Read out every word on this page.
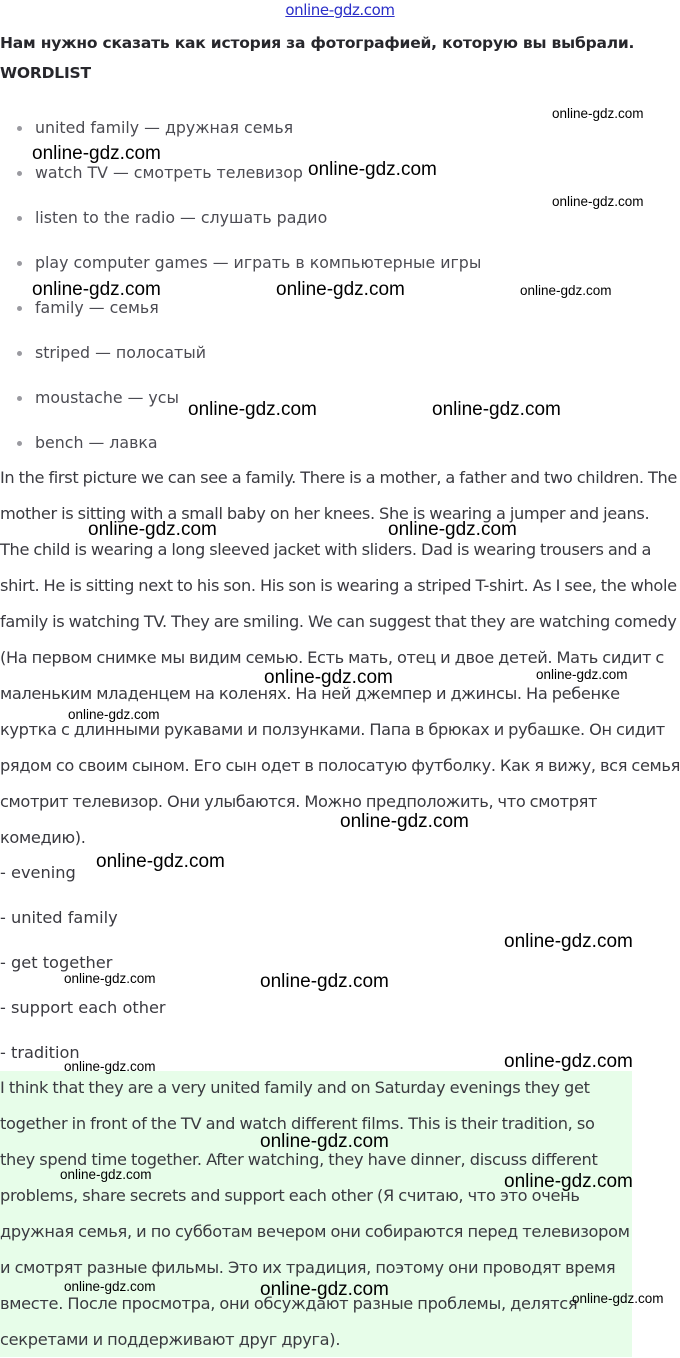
online-gdz.com
Нам нужно сказать как история за фотографией, которую вы выбрали.
WORDLIST
united family — дружная семья
watch TV — смотреть телевизор
listen to the radio — слушать радио
play computer games — играть в компьютерные игры
family — семья
striped — полосатый
moustache — усы
bench — лавка

In the first picture we can see a family. There is a mother, a father and two children. The mother is sitting with a small baby on her knees. She is wearing a jumper and jeans. The child is wearing a long sleeved jacket with sliders. Dad is wearing trousers and a shirt. He is sitting next to his son. His son is wearing a striped T-shirt. As I see, the whole family is watching TV. They are smiling. We can suggest that they are watching comedy (На первом снимке мы видим семью. Есть мать, отец и двое детей. Мать сидит с маленьким младенцем на коленях. На ней джемпер и джинсы. На ребенке куртка с длинными рукавами и ползунками. Папа в брюках и рубашке. Он сидит рядом со своим сыном. Его сын одет в полосатую футболку. Как я вижу, вся семья смотрит телевизор. Они улыбаются. Можно предположить, что смотрят комедию).

- evening
- united family
- get together
- support each other
- tradition

I think that they are a very united family and on Saturday evenings they get together in front of the TV and watch different films. This is their tradition, so they spend time together. After watching, they have dinner, discuss different problems, share secrets and support each other (Я считаю, что это очень дружная семья, и по субботам вечером они собираются перед телевизором и смотрят разные фильмы. Это их традиция, поэтому они проводят время вместе. После просмотра, они обсуждают разные проблемы, делятся секретами и поддерживают друг друга).

online-gdz.com
online-gdz.com
online-gdz.com
online-gdz.com
online-gdz.com	online-gdz.com	online-gdz.com
online-gdz.com	online-gdz.com
online-gdz.com	online-gdz.com
online-gdz.com	online-gdz.com
online-gdz.com
online-gdz.com
online-gdz.com
online-gdz.com
online-gdz.com	online-gdz.com
online-gdz.com
online-gdz.com
online-gdz.com
online-gdz.com	online-gdz.com
online-gdz.com	online-gdz.com	online-gdz.com
